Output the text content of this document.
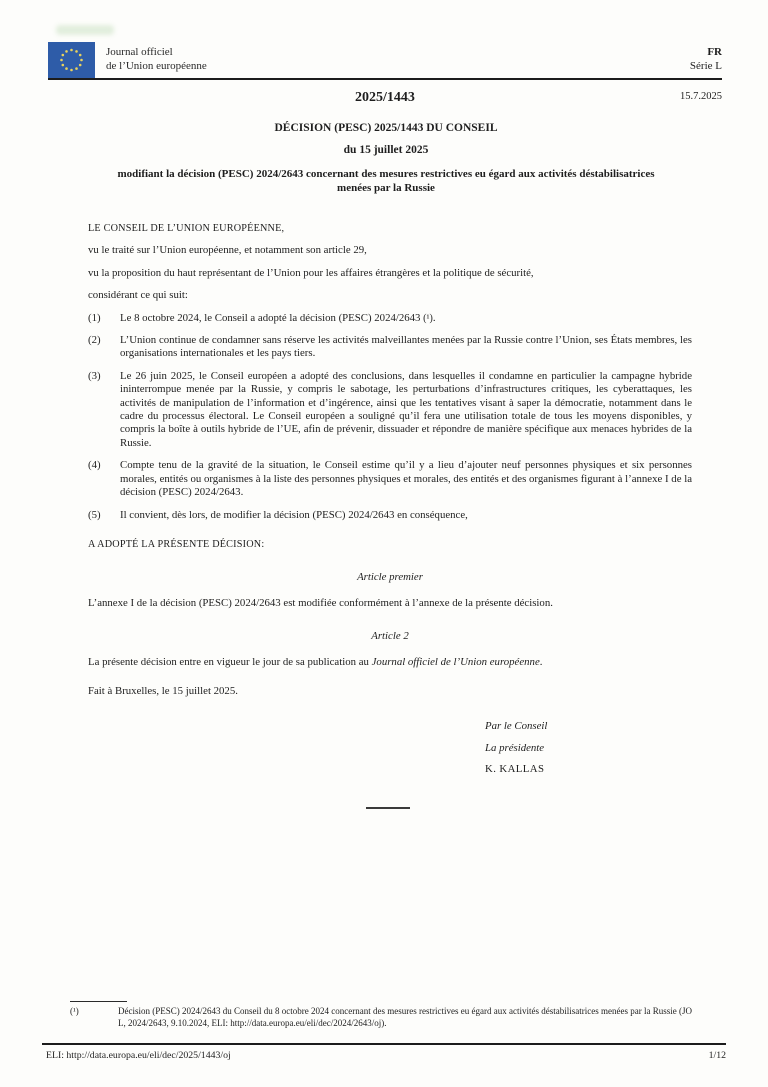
Journal officiel
de l’Union européenne
FR
Série L
2025/1443	15.7.2025
DÉCISION (PESC) 2025/1443 DU CONSEIL
du 15 juillet 2025
modifiant la décision (PESC) 2024/2643 concernant des mesures restrictives eu égard aux activités déstabilisatrices menées par la Russie
LE CONSEIL DE L’UNION EUROPÉENNE,
vu le traité sur l’Union européenne, et notamment son article 29,
vu la proposition du haut représentant de l’Union pour les affaires étrangères et la politique de sécurité,
considérant ce qui suit:
(1)	Le 8 octobre 2024, le Conseil a adopté la décision (PESC) 2024/2643 (¹).
(2)	L’Union continue de condamner sans réserve les activités malveillantes menées par la Russie contre l’Union, ses États membres, les organisations internationales et les pays tiers.
(3)	Le 26 juin 2025, le Conseil européen a adopté des conclusions, dans lesquelles il condamne en particulier la campagne hybride ininterrompue menée par la Russie, y compris le sabotage, les perturbations d’infrastructures critiques, les cyberattaques, les activités de manipulation de l’information et d’ingérence, ainsi que les tentatives visant à saper la démocratie, notamment dans le cadre du processus électoral. Le Conseil européen a souligné qu’il fera une utilisation totale de tous les moyens disponibles, y compris la boîte à outils hybride de l’UE, afin de prévenir, dissuader et répondre de manière spécifique aux menaces hybrides de la Russie.
(4)	Compte tenu de la gravité de la situation, le Conseil estime qu’il y a lieu d’ajouter neuf personnes physiques et six personnes morales, entités ou organismes à la liste des personnes physiques et morales, des entités et des organismes figurant à l’annexe I de la décision (PESC) 2024/2643.
(5)	Il convient, dès lors, de modifier la décision (PESC) 2024/2643 en conséquence,
A ADOPTÉ LA PRÉSENTE DÉCISION:
Article premier
L’annexe I de la décision (PESC) 2024/2643 est modifiée conformément à l’annexe de la présente décision.
Article 2
La présente décision entre en vigueur le jour de sa publication au Journal officiel de l’Union européenne.
Fait à Bruxelles, le 15 juillet 2025.
Par le Conseil
La présidente
K. KALLAS
(¹)	Décision (PESC) 2024/2643 du Conseil du 8 octobre 2024 concernant des mesures restrictives eu égard aux activités déstabilisatrices menées par la Russie (JO L, 2024/2643, 9.10.2024, ELI: http://data.europa.eu/eli/dec/2024/2643/oj).
ELI: http://data.europa.eu/eli/dec/2025/1443/oj	1/12
